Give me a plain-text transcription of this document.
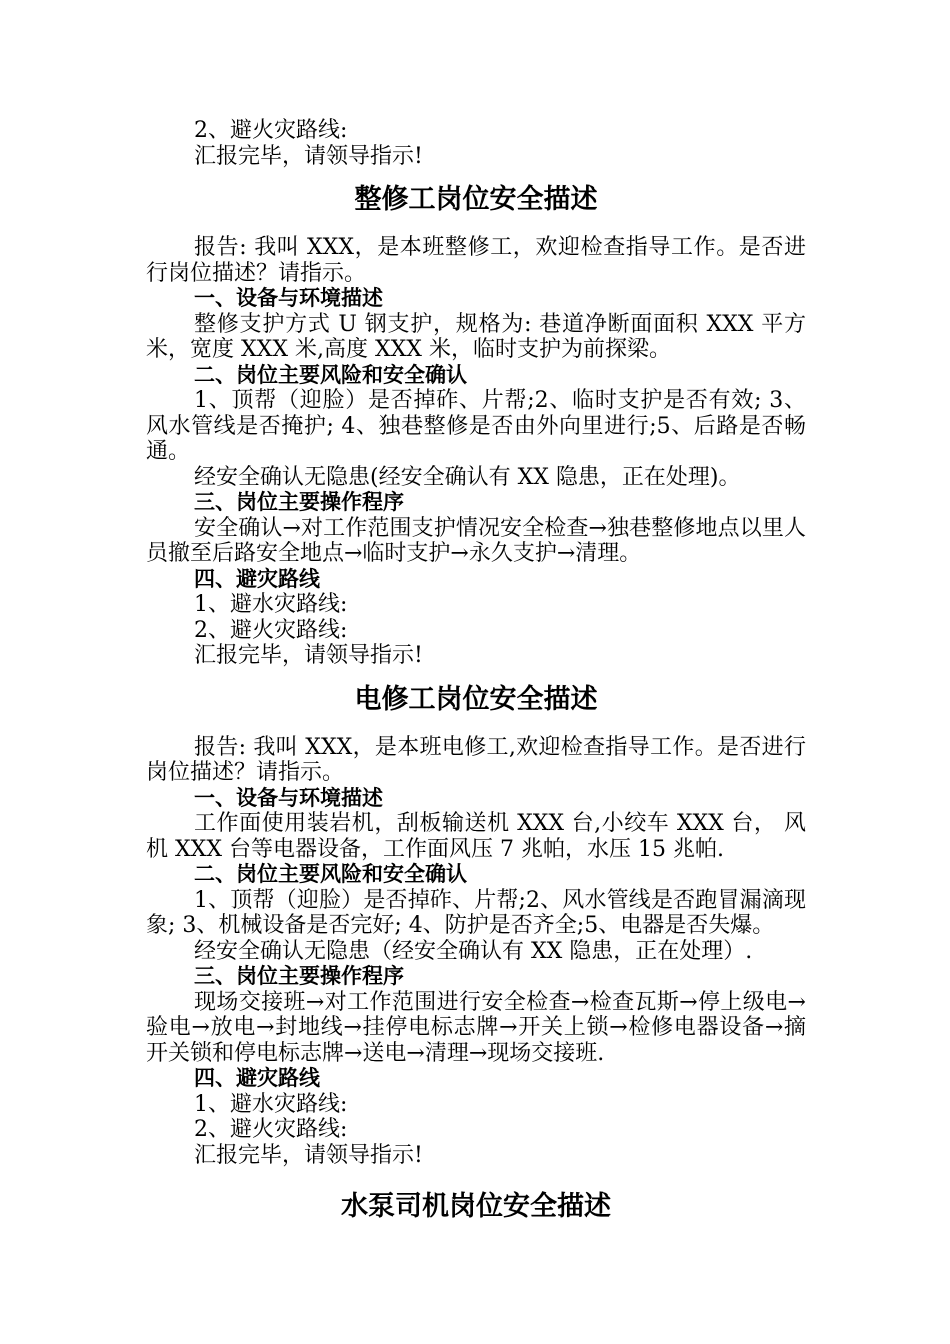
2、避火灾路线:

汇报完毕，请领导指示!

整修工岗位安全描述

报告: 我叫 XXX，是本班整修工，欢迎检查指导工作。是否进行岗位描述？请指示。

一、设备与环境描述

整修支护方式 U 钢支护，规格为: 巷道净断面面积 XXX 平方米，宽度 XXX 米,高度 XXX 米，临时支护为前探梁。

二、岗位主要风险和安全确认

1、顶帮（迎脸）是否掉砟、片帮;2、临时支护是否有效; 3、风水管线是否掩护; 4、独巷整修是否由外向里进行;5、后路是否畅通。

经安全确认无隐患(经安全确认有 XX 隐患，正在处理)。

三、岗位主要操作程序

安全确认→对工作范围支护情况安全检查→独巷整修地点以里人员撤至后路安全地点→临时支护→永久支护→清理。

四、避灾路线

1、避水灾路线:

2、避火灾路线:

汇报完毕，请领导指示!

电修工岗位安全描述

报告: 我叫 XXX，是本班电修工,欢迎检查指导工作。是否进行岗位描述？请指示。

一、设备与环境描述

工作面使用装岩机，刮板输送机 XXX 台,小绞车 XXX 台， 风机 XXX 台等电器设备，工作面风压 7 兆帕，水压 15 兆帕.

二、岗位主要风险和安全确认

1、顶帮（迎脸）是否掉砟、片帮;2、风水管线是否跑冒漏滴现象; 3、机械设备是否完好; 4、防护是否齐全;5、电器是否失爆。

经安全确认无隐患（经安全确认有 XX 隐患，正在处理）.

三、岗位主要操作程序

现场交接班→对工作范围进行安全检查→检查瓦斯→停上级电→验电→放电→封地线→挂停电标志牌→开关上锁→检修电器设备→摘开关锁和停电标志牌→送电→清理→现场交接班.

四、避灾路线

1、避水灾路线:

2、避火灾路线:

汇报完毕，请领导指示!

水泵司机岗位安全描述
